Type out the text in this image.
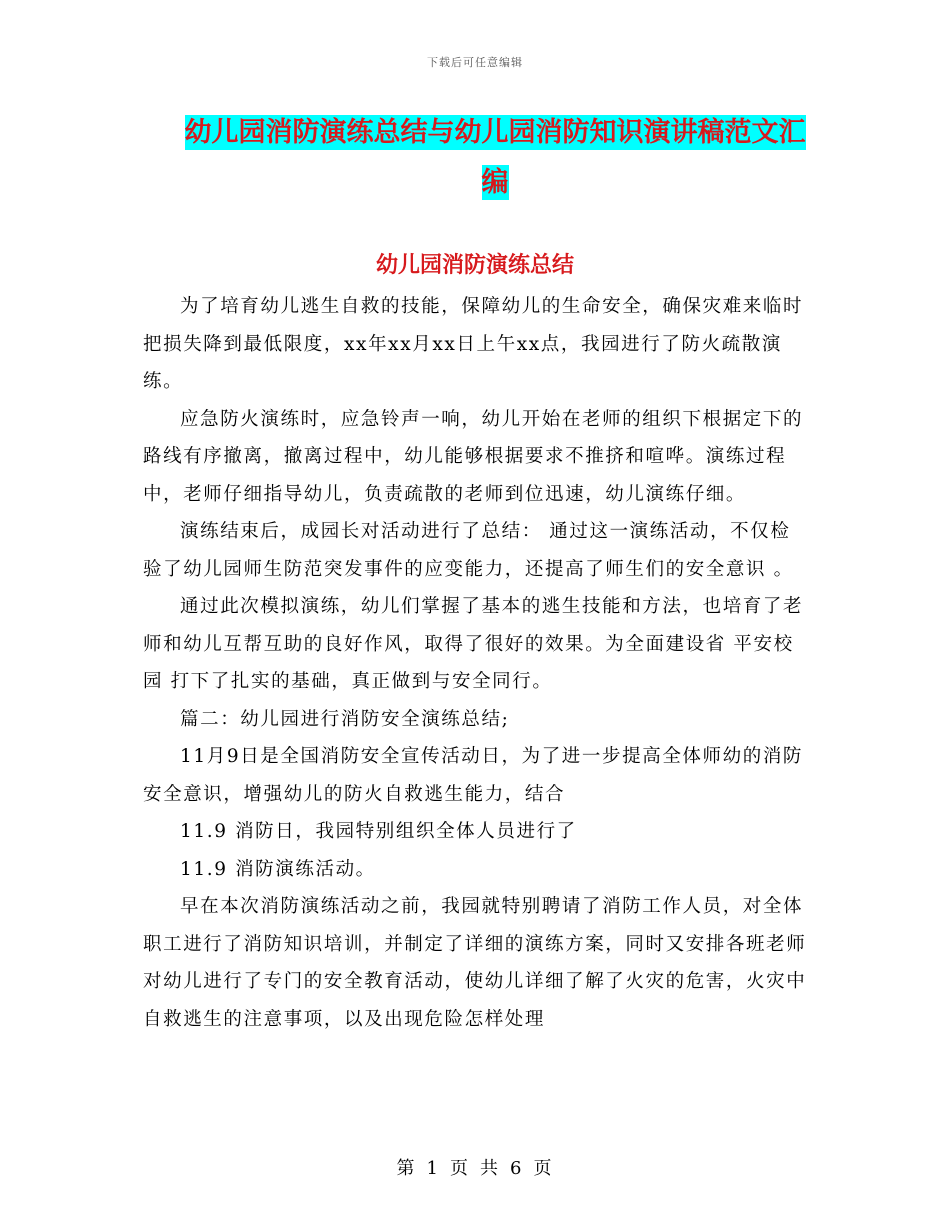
下载后可任意编辑
幼儿园消防演练总结与幼儿园消防知识演讲稿范文汇编
幼儿园消防演练总结

为了培育幼儿逃生自救的技能，保障幼儿的生命安全，确保灾难来临时把损失降到最低限度，xx年xx月xx日上午xx点，我园进行了防火疏散演练。

应急防火演练时，应急铃声一响，幼儿开始在老师的组织下根据定下的路线有序撤离，撤离过程中，幼儿能够根据要求不推挤和喧哗。演练过程中，老师仔细指导幼儿，负责疏散的老师到位迅速，幼儿演练仔细。

演练结束后，成园长对活动进行了总结： 通过这一演练活动，不仅检验了幼儿园师生防范突发事件的应变能力，还提高了师生们的安全意识 。

通过此次模拟演练，幼儿们掌握了基本的逃生技能和方法，也培育了老师和幼儿互帮互助的良好作风，取得了很好的效果。为全面建设省 平安校园 打下了扎实的基础，真正做到与安全同行。

篇二：幼儿园进行消防安全演练总结;

11月9日是全国消防安全宣传活动日，为了进一步提高全体师幼的消防安全意识，增强幼儿的防火自救逃生能力，结合

11.9 消防日，我园特别组织全体人员进行了

11.9 消防演练活动。

早在本次消防演练活动之前，我园就特别聘请了消防工作人员，对全体职工进行了消防知识培训，并制定了详细的演练方案，同时又安排各班老师对幼儿进行了专门的安全教育活动，使幼儿详细了解了火灾的危害，火灾中自救逃生的注意事项，以及出现危险怎样处理

第 1 页 共 6 页
